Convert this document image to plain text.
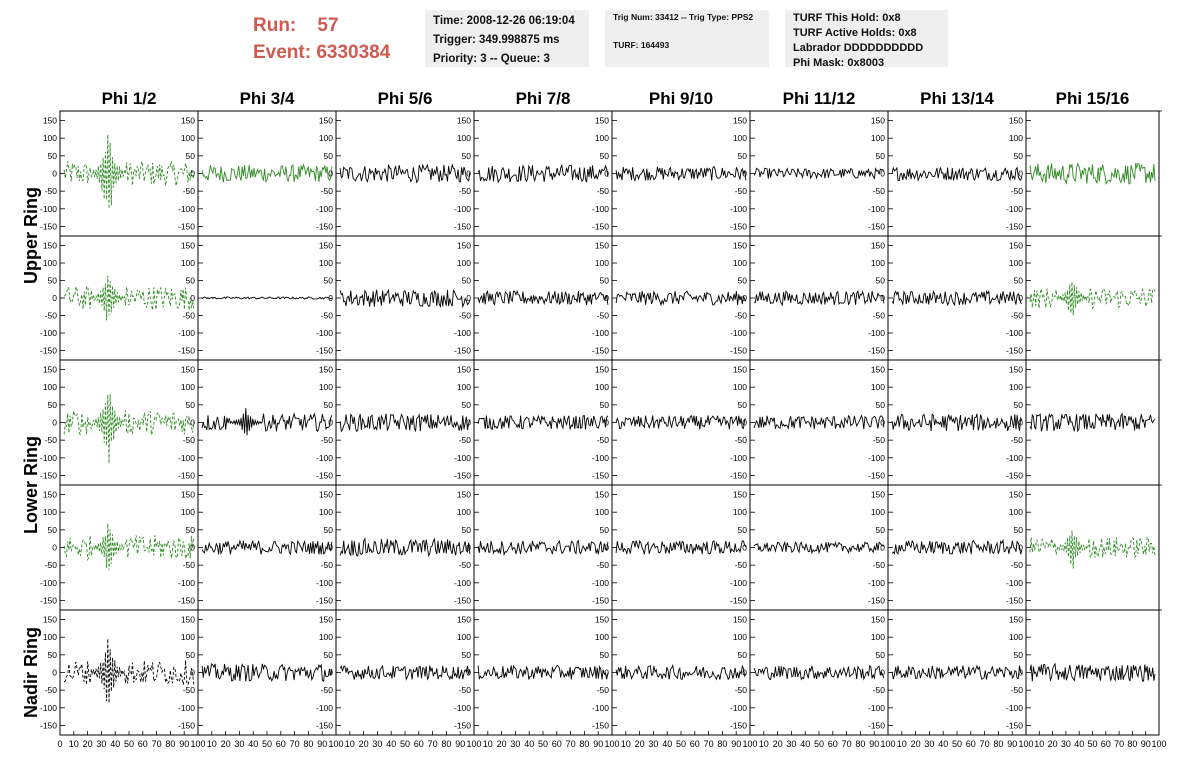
Run:    57
Event: 6330384
Time: 2008-12-26 06:19:04
Trigger: 349.998875 ms
Priority: 3 -- Queue: 3
Trig Num: 33412 -- Trig Type: PPS2
TURF: 164493
TURF This Hold: 0x8
TURF Active Holds: 0x8
Labrador DDDDDDDDDD
Phi Mask: 0x8003
Phi 1/2	Phi 3/4	Phi 5/6	Phi 7/8	Phi 9/10	Phi 11/12	Phi 13/14	Phi 15/16
Upper Ring
Lower Ring
Nadir Ring
-150
-100
-50
0
50
100
150
-150
-100
-50
0
50
100
150
-150
-100
-50
0
50
100
150
-150
-100
-50
0
50
100
150
-150
-100
-50
0
50
100
150
-150
-100
-50
0
50
100
150
-150
-100
-50
0
50
100
150
-150
-100
-50
0
50
100
150
-150
-100
-50
0
50
100
150
-150
-100
-50
0
50
100
150
-150
-100
-50
0
50
100
150
-150
-100
-50
0
50
100
150
-150
-100
-50
0
50
100
150
-150
-100
-50
0
50
100
150
-150
-100
-50
0
50
100
150
-150
-100
-50
0
50
100
150
-150
-100
-50
0
50
100
150
-150
-100
-50
0
50
100
150
-150
-100
-50
0
50
100
150
-150
-100
-50
0
50
100
150
-150
-100
-50
0
50
100
150
-150
-100
-50
0
50
100
150
-150
-100
-50
0
50
100
150
-150
-100
-50
0
50
100
150
-150
-100
-50
0
50
100
150
-150
-100
-50
0
50
100
150
-150
-100
-50
0
50
100
150
-150
-100
-50
0
50
100
150
-150
-100
-50
0
50
100
150
-150
-100
-50
0
50
100
150
-150
-100
-50
0
50
100
150
-150
-100
-50
0
50
100
150
-150
-100
-50
0
50
100
150
-150
-100
-50
0
50
100
150
-150
-100
-50
0
50
100
150
-150
-100
-50
0
50
100
150
-150
-100
-50
0
50
100
150
-150
-100
-50
0
50
100
150
-150
-100
-50
0
50
100
150
-150
-100
-50
0
50
100
150
0 10 20 30 40 50 60 70 80 90 100 10 20 30 40 50 60 70 80 90 100 10 20 30 40 50 60 70 80 90 100 10 20 30 40 50 60 70 80 90 100 10 20 30 40 50 60 70 80 90 100 10 20 30 40 50 60 70 80 90 100 10 20 30 40 50 60 70 80 90 100 10 20 30 40 50 60 70 80 90 100
